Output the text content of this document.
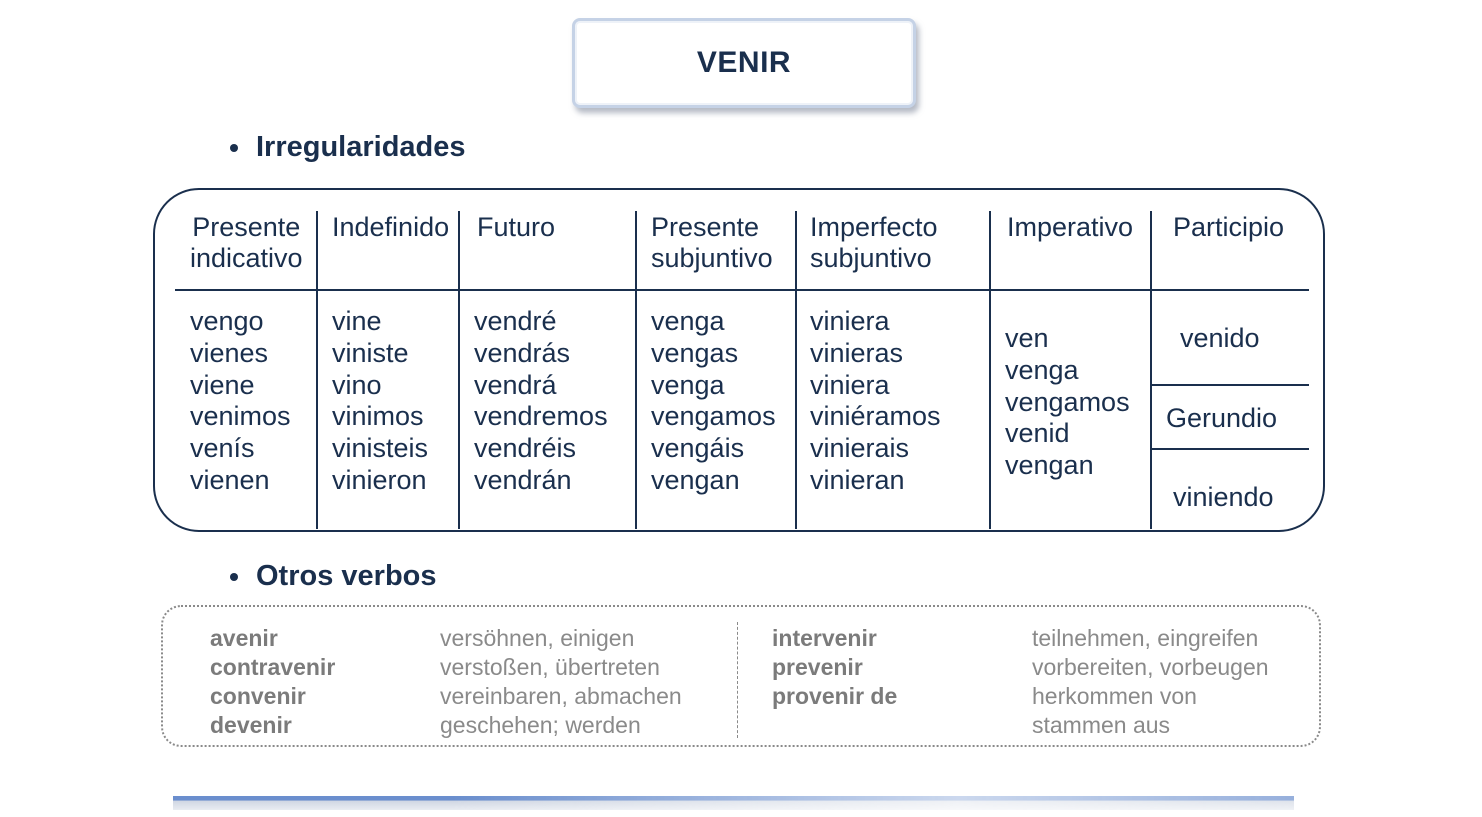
VENIR
Irregularidades
Presente
indicativo
Indefinido Futuro	Presente
subjuntivo
Imperfecto
subjuntivo
Imperativo Participio
vengo
vienes
viene
venimos
venís
vienen
vine
viniste
vino
vinimos
vinisteis
vinieron
vendré
vendrás
vendrá
vendremos
vendréis
vendrán
venga
vengas
venga
vengamos
vengáis
vengan
viniera
vinieras
viniera
viniéramos
vinierais
vinieran
ven
venga
vengamos
venid
vengan
venido
Gerundio
viniendo
Otros verbos
avenir
contravenir
convenir
devenir
versöhnen, einigen
verstoßen, übertreten
vereinbaren, abmachen
geschehen; werden
intervenir
prevenir
provenir de
teilnehmen, eingreifen
vorbereiten, vorbeugen
herkommen von
stammen aus
